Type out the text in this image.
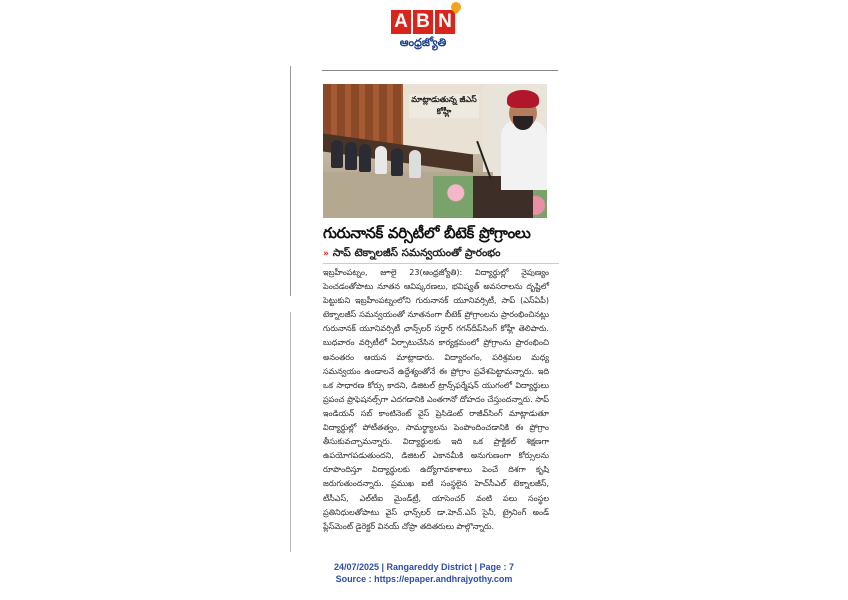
A B N
ఆంధ్రజ్యోతి
మాట్లాడుతున్న జీఎస్ కోహ్లీ
గురునానక్ వర్సిటీలో బీటెక్ ప్రోగ్రాంలు
» సాప్ టెక్నాలజీస్ సమన్వయంతో ప్రారంభం

ఇబ్రహీంపట్నం, జూలై 23(ఆంధ్రజ్యోతి): విద్యార్థుల్లో నైపుణ్యం పెంచడంతోపాటు నూతన ఆవిష్కరణలు, భవిష్యత్ అవసరాలను దృష్టిలో పెట్టుకుని ఇబ్రహీంపట్నంలోని గురునానక్ యూనివర్సిటీ, సాప్ (ఎస్ఏపీ) టెక్నాలజీస్ సమన్వయంతో నూతనంగా బీటెక్ ప్రోగ్రాంలను ప్రారంభించినట్లు గురునానక్ యూనివర్సిటీ ఛాన్స్‌లర్ సర్దార్ గగన్‌దీప్‌సింగ్ కోహ్లీ తెలిపారు. బుధవారం వర్సిటీలో ఏర్పాటుచేసిన కార్యక్రమంలో ప్రోగ్రాంను ప్రారంభించి అనంతరం ఆయన మాట్లాడారు. విద్యారంగం, పరిశ్రమల మధ్య సమన్వయం ఉండాలనే ఉద్దేశ్యంతోనే ఈ ప్రోగ్రాం ప్రవేశపెట్టామన్నారు. ఇది ఒక సాధారణ కోర్సు కాదని, డిజిటల్ ట్రాన్స్‌ఫర్మేషన్ యుగంలో విద్యార్థులు ప్రపంచ ప్రొఫెషనల్స్‌గా ఎదగడానికి ఎంతగానో దోహదం చేస్తుందన్నారు. సాప్ ఇండియన్ సబ్ కాంటినెంట్ వైస్ ప్రెసిడెంట్ రాజీవ్‌సింగ్ మాట్లాడుతూ విద్యార్థుల్లో పోటీతత్వం, సామర్థ్యాలను పెంపొందించడానికి ఈ ప్రోగ్రాం తీసుకువచ్చామన్నారు. విద్యార్థులకు ఇది ఒక ప్రాక్టికల్ శిక్షణగా ఉపయోగపడుతుందని, డిజిటల్ ఎకానమీకి అనుగుణంగా కోర్సులను రూపొందిస్తూ విద్యార్థులకు ఉద్యోగావకాశాలు పెంచే దిశగా కృషి జరుగుతుందన్నారు. ప్రముఖ ఐటీ సంస్థలైన హెచ్‌సీఎల్ టెక్నాలజీస్, టీసీఎస్, ఎల్‌టీఐ మైండ్‌ట్రీ, యాసెంచర్ వంటి పలు సంస్థల ప్రతినిధులతోపాటు వైస్ ఛాన్స్‌లర్ డా.హెచ్.ఎస్ సైనీ, ట్రైనింగ్ అండ్ ప్లేస్‌మెంట్ డైరెక్టర్ వినయ్ చోప్రా తదితరులు పాల్గొన్నారు.

24/07/2025 | Rangareddy District | Page : 7
Source : https://epaper.andhrajyothy.com
